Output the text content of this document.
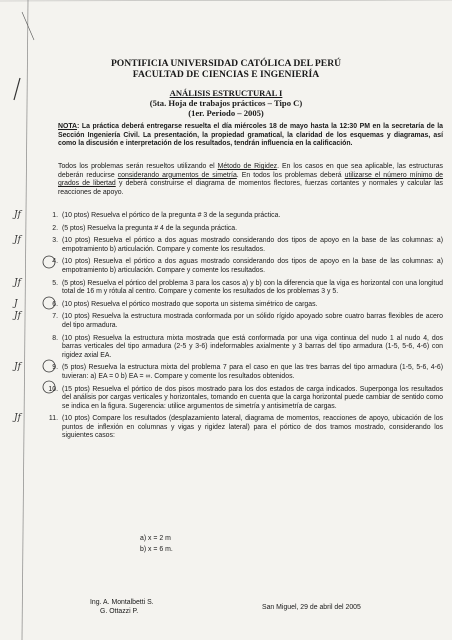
PONTIFICIA UNIVERSIDAD CATÓLICA DEL PERÚ
FACULTAD DE CIENCIAS E INGENIERÍA
ANÁLISIS ESTRUCTURAL I
(5ta. Hoja de trabajos prácticos – Tipo C)
(1er. Periodo – 2005)
NOTA: La práctica deberá entregarse resuelta el día miércoles 18 de mayo hasta la 12:30 PM en la secretaría de la Sección Ingeniería Civil. La presentación, la propiedad gramatical, la claridad de los esquemas y diagramas, así como la discusión e interpretación de los resultados, tendrán influencia en la calificación.
Todos los problemas serán resueltos utilizando el Método de Rigidez. En los casos en que sea aplicable, las estructuras deberán reducirse considerando argumentos de simetría. En todos los problemas deberá utilizarse el número mínimo de grados de libertad y deberá construirse el diagrama de momentos flectores, fuerzas cortantes y normales y calcular las reacciones de apoyo.
Jf	1. (10 ptos) Resuelva el pórtico de la pregunta # 3 de la segunda práctica.
2. (5 ptos) Resuelva la pregunta # 4 de la segunda práctica.
Jf	3. (10 ptos) Resuelva el pórtico a dos aguas mostrado considerando dos tipos de apoyo en la base de las columnas: a) empotramiento b) articulación. Compare y comente los resultados.
4. (10 ptos) Resuelva el pórtico a dos aguas mostrado considerando dos tipos de apoyo en la base de las columnas: a) empotramiento b) articulación. Compare y comente los resultados.
Jf	5. (5 ptos) Resuelva el pórtico del problema 3 para los casos a) y b) con la diferencia que la viga es horizontal con una longitud total de 16 m y rótula al centro. Compare y comente los resultados de los problemas 3 y 5.
J	6. (10 ptos) Resuelva el pórtico mostrado que soporta un sistema simétrico de cargas.
Jf	7. (10 ptos) Resuelva la estructura mostrada conformada por un sólido rígido apoyado sobre cuatro barras flexibles de acero del tipo armadura.
8. (10 ptos) Resuelva la estructura mixta mostrada que está conformada por una viga continua del nudo 1 al nudo 4, dos barras verticales del tipo armadura (2-5 y 3-6) indeformables axialmente y 3 barras del tipo armadura (1-5, 5-6, 4-6) con rigidez axial EA.
Jf	9. (5 ptos) Resuelva la estructura mixta del problema 7 para el caso en que las tres barras del tipo armadura (1-5, 5-6, 4-6) tuvieran: a) EA = 0 b) EA = ∞. Compare y comente los resultados obtenidos.
10. (15 ptos) Resuelva el pórtico de dos pisos mostrado para los dos estados de carga indicados. Superponga los resultados del análisis por cargas verticales y horizontales, tomando en cuenta que la carga horizontal puede cambiar de sentido como se indica en la figura. Sugerencia: utilice argumentos de simetría y antisimetría de cargas.
Jf	11. (10 ptos) Compare los resultados (desplazamiento lateral, diagrama de momentos, reacciones de apoyo, ubicación de los puntos de inflexión en columnas y vigas y rigidez lateral) para el pórtico de dos tramos mostrado, considerando los siguientes casos:
a) x = 2 m
b) x = 6 m.
Ing. A. Montalbetti S.
G. Ottazzi P.
San Miguel, 29 de abril del 2005
